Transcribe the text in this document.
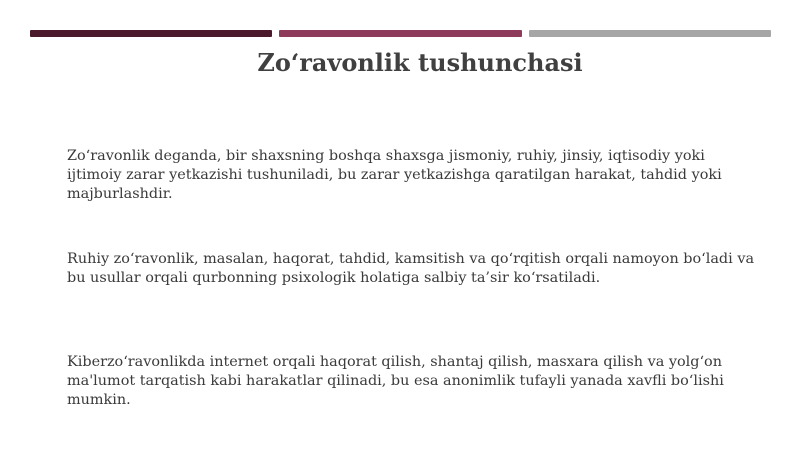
Zo‘ravonlik tushunchasi

Zo‘ravonlik deganda, bir shaxsning boshqa shaxsga jismoniy, ruhiy, jinsiy, iqtisodiy yoki ijtimoiy zarar yetkazishi tushuniladi, bu zarar yetkazishga qaratilgan harakat, tahdid yoki majburlashdir.

Ruhiy zo‘ravonlik, masalan, haqorat, tahdid, kamsitish va qo‘rqitish orqali namoyon bo‘ladi va bu usullar orqali qurbonning psixologik holatiga salbiy ta’sir ko‘rsatiladi.

Kiberzo‘ravonlikda internet orqali haqorat qilish, shantaj qilish, masxara qilish va yolg‘on ma'lumot tarqatish kabi harakatlar qilinadi, bu esa anonimlik tufayli yanada xavfli bo‘lishi mumkin.
